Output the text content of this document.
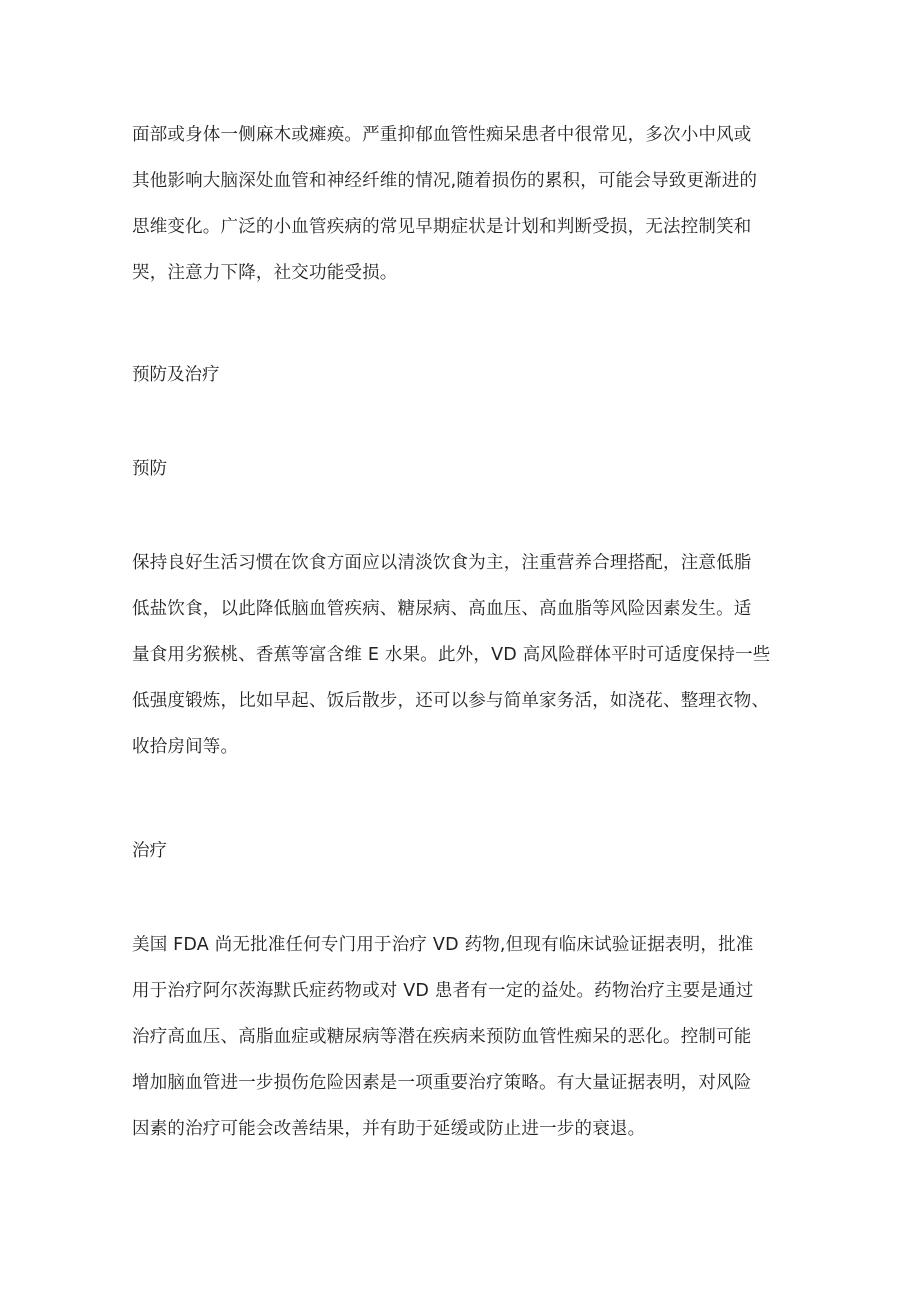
面部或身体一侧麻木或瘫痪。严重抑郁血管性痴呆患者中很常见，多次小中风或
其他影响大脑深处血管和神经纤维的情况,随着损伤的累积，可能会导致更渐进的
思维变化。广泛的小血管疾病的常见早期症状是计划和判断受损，无法控制笑和
哭，注意力下降，社交功能受损。
预防及治疗
预防
保持良好生活习惯在饮食方面应以清淡饮食为主，注重营养合理搭配，注意低脂
低盐饮食，以此降低脑血管疾病、糖尿病、高血压、高血脂等风险因素发生。适
量食用劣猴桃、香蕉等富含维 E 水果。此外，VD 高风险群体平时可适度保持一些
低强度锻炼，比如早起、饭后散步，还可以参与简单家务活，如浇花、整理衣物、
收拾房间等。
治疗
美国 FDA 尚无批准任何专门用于治疗 VD 药物,但现有临床试验证据表明，批准
用于治疗阿尔茨海默氏症药物或对 VD 患者有一定的益处。药物治疗主要是通过
治疗高血压、高脂血症或糖尿病等潜在疾病来预防血管性痴呆的恶化。控制可能
增加脑血管进一步损伤危险因素是一项重要治疗策略。有大量证据表明，对风险
因素的治疗可能会改善结果，并有助于延缓或防止进一步的衰退。
